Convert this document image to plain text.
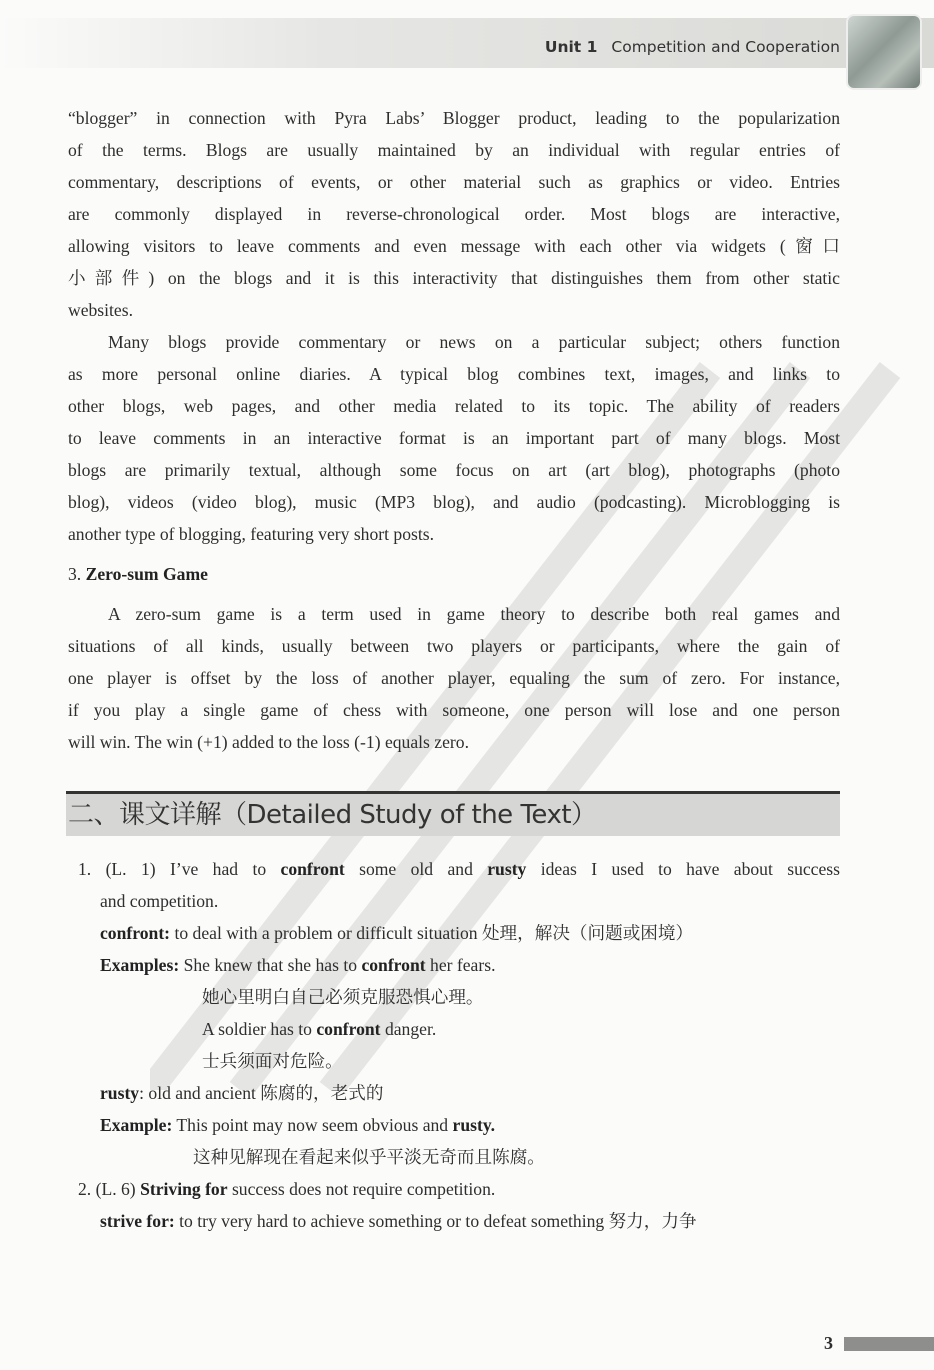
Unit 1 Competition and Cooperation
“blogger” in connection with Pyra Labs’ Blogger product, leading to the popularization
of the terms. Blogs are usually maintained by an individual with regular entries of
commentary, descriptions of events, or other material such as graphics or video. Entries
are commonly displayed in reverse-chronological order. Most blogs are interactive,
allowing visitors to leave comments and even message with each other via widgets (窗口
小部件) on the blogs and it is this interactivity that distinguishes them from other static
websites.
Many blogs provide commentary or news on a particular subject; others function
as more personal online diaries. A typical blog combines text, images, and links to
other blogs, web pages, and other media related to its topic. The ability of readers
to leave comments in an interactive format is an important part of many blogs. Most
blogs are primarily textual, although some focus on art (art blog), photographs (photo
blog), videos (video blog), music (MP3 blog), and audio (podcasting). Microblogging is
another type of blogging, featuring very short posts.
3. Zero-sum Game
A zero-sum game is a term used in game theory to describe both real games and
situations of all kinds, usually between two players or participants, where the gain of
one player is offset by the loss of another player, equaling the sum of zero. For instance,
if you play a single game of chess with someone, one person will lose and one person
will win. The win (+1) added to the loss (-1) equals zero.
1. (L. 1) I’ve had to confront some old and rusty ideas I used to have about success
and competition.
confront: to deal with a problem or difficult situation 处理，解决（问题或困境）
Examples: She knew that she has to confront her fears.
她心里明白自己必须克服恐惧心理。
A soldier has to confront danger.
士兵须面对危险。
rusty: old and ancient 陈腐的，老式的
Example: This point may now seem obvious and rusty.
这种见解现在看起来似乎平淡无奇而且陈腐。
2. (L. 6) Striving for success does not require competition.
strive for: to try very hard to achieve something or to defeat something 努力，力争
二、课文详解（Detailed Study of the Text）
3
